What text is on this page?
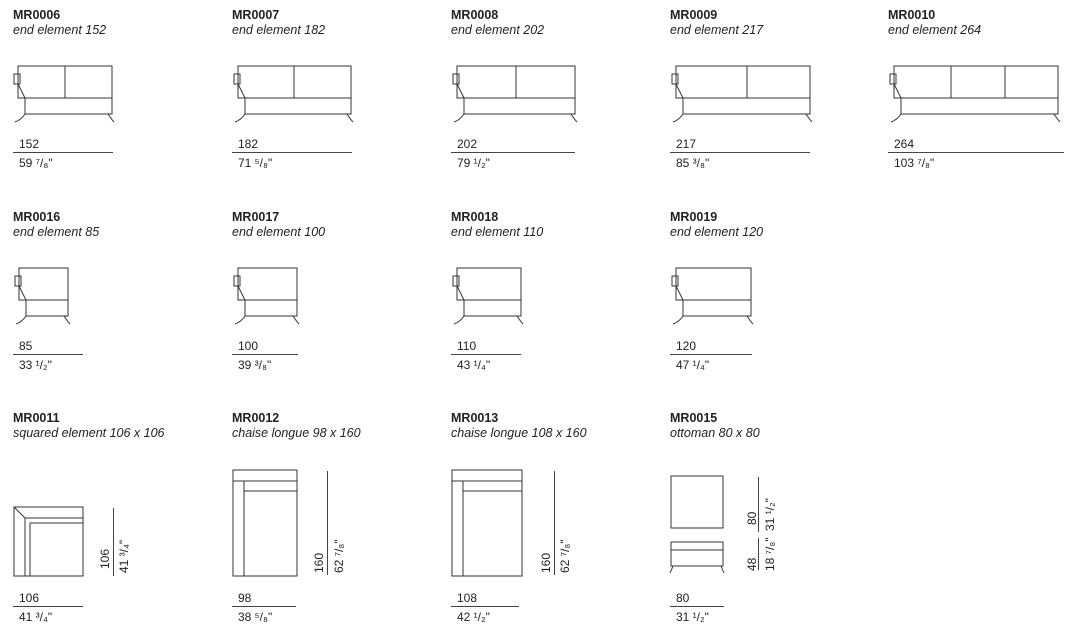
MR0006
end element 152
152
59 ⁷/₈"
MR0007
end element 182
182
71 ⁵/₈"
MR0008
end element 202
202
79 ¹/₂"
MR0009
end element 217
217
85 ³/₈"
MR0010
end element 264
264
103 ⁷/₈"
MR0016
end element 85
85
33 ¹/₂"
MR0017
end element 100
100
39 ³/₈"
MR0018
end element 110
110
43 ¹/₄"
MR0019
end element 120
120
47 ¹/₄"
MR0011
squared element 106 x 106
106 41 ³/₄"
106
41 ³/₄"
MR0012
chaise longue 98 x 160
160 62 ⁷/₈"
98
38 ⁵/₈"
MR0013
chaise longue 108 x 160
160 62 ⁷/₈"
108
42 ¹/₂"
MR0015
ottoman 80 x 80
80 31 ¹/₂"
48 18 ⁷/₈"
80
31 ¹/₂"
